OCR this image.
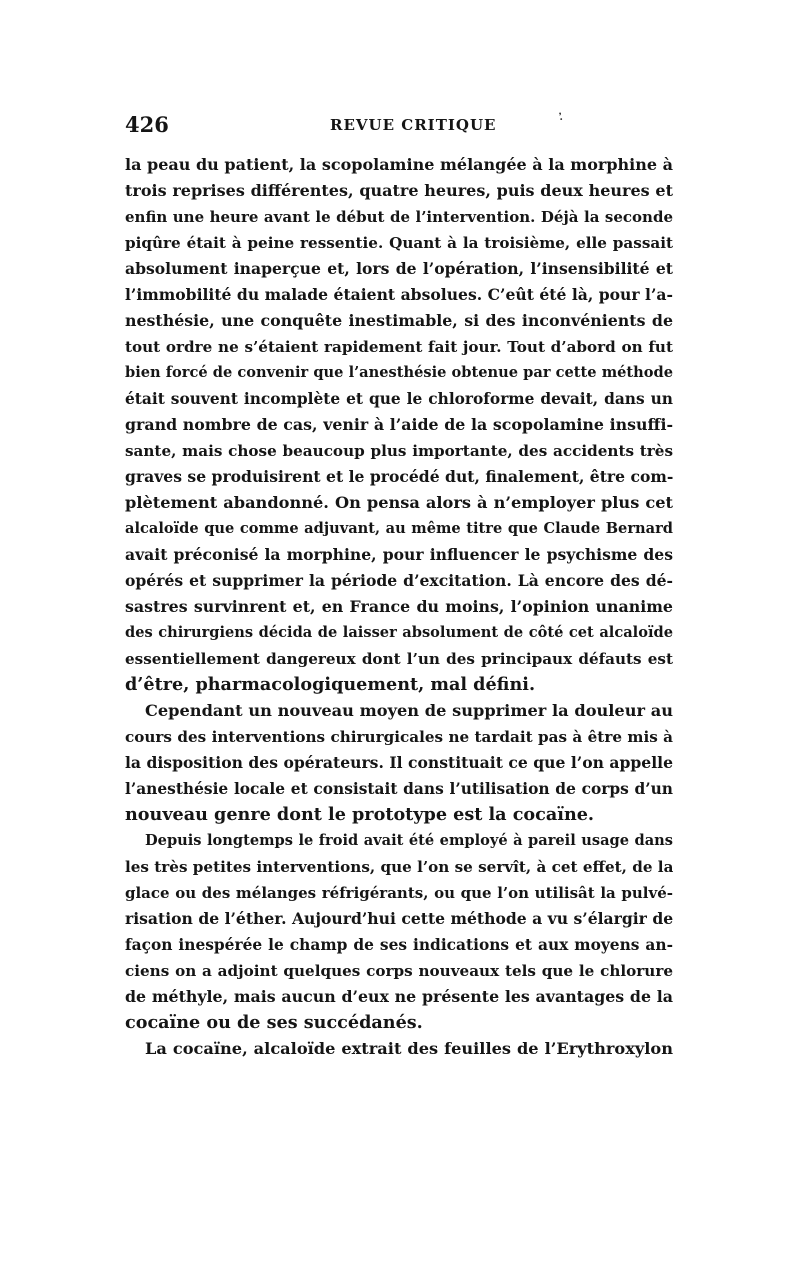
426	REVUE CRITIQUE	·̓
la peau du patient, la scopolamine mélangée à la morphine à
trois reprises différentes, quatre heures, puis deux heures et
enfin une heure avant le début de l’intervention. Déjà la seconde
piqûre était à peine ressentie. Quant à la troisième, elle passait
absolument inaperçue et, lors de l’opération, l’insensibilité et
l’immobilité du malade étaient absolues. C’eût été là, pour l’a-
nesthésie, une conquête inestimable, si des inconvénients de
tout ordre ne s’étaient rapidement fait jour. Tout d’abord on fut
bien forcé de convenir que l’anesthésie obtenue par cette méthode
était souvent incomplète et que le chloroforme devait, dans un
grand nombre de cas, venir à l’aide de la scopolamine insuffi-
sante, mais chose beaucoup plus importante, des accidents très
graves se produisirent et le procédé dut, finalement, être com-
plètement abandonné. On pensa alors à n’employer plus cet
alcaloïde que comme adjuvant, au même titre que Claude Bernard
avait préconisé la morphine, pour influencer le psychisme des
opérés et supprimer la période d’excitation. Là encore des dé-
sastres survinrent et, en France du moins, l’opinion unanime
des chirurgiens décida de laisser absolument de côté cet alcaloïde
essentiellement dangereux dont l’un des principaux défauts est
d’être, pharmacologiquement, mal défini.
Cependant un nouveau moyen de supprimer la douleur au
cours des interventions chirurgicales ne tardait pas à être mis à
la disposition des opérateurs. Il constituait ce que l’on appelle
l’anesthésie locale et consistait dans l’utilisation de corps d’un
nouveau genre dont le prototype est la cocaïne.
Depuis longtemps le froid avait été employé à pareil usage dans
les très petites interventions, que l’on se servît, à cet effet, de la
glace ou des mélanges réfrigérants, ou que l’on utilisât la pulvé-
risation de l’éther. Aujourd’hui cette méthode a vu s’élargir de
façon inespérée le champ de ses indications et aux moyens an-
ciens on a adjoint quelques corps nouveaux tels que le chlorure
de méthyle, mais aucun d’eux ne présente les avantages de la
cocaïne ou de ses succédanés.
La cocaïne, alcaloïde extrait des feuilles de l’Erythroxylon
